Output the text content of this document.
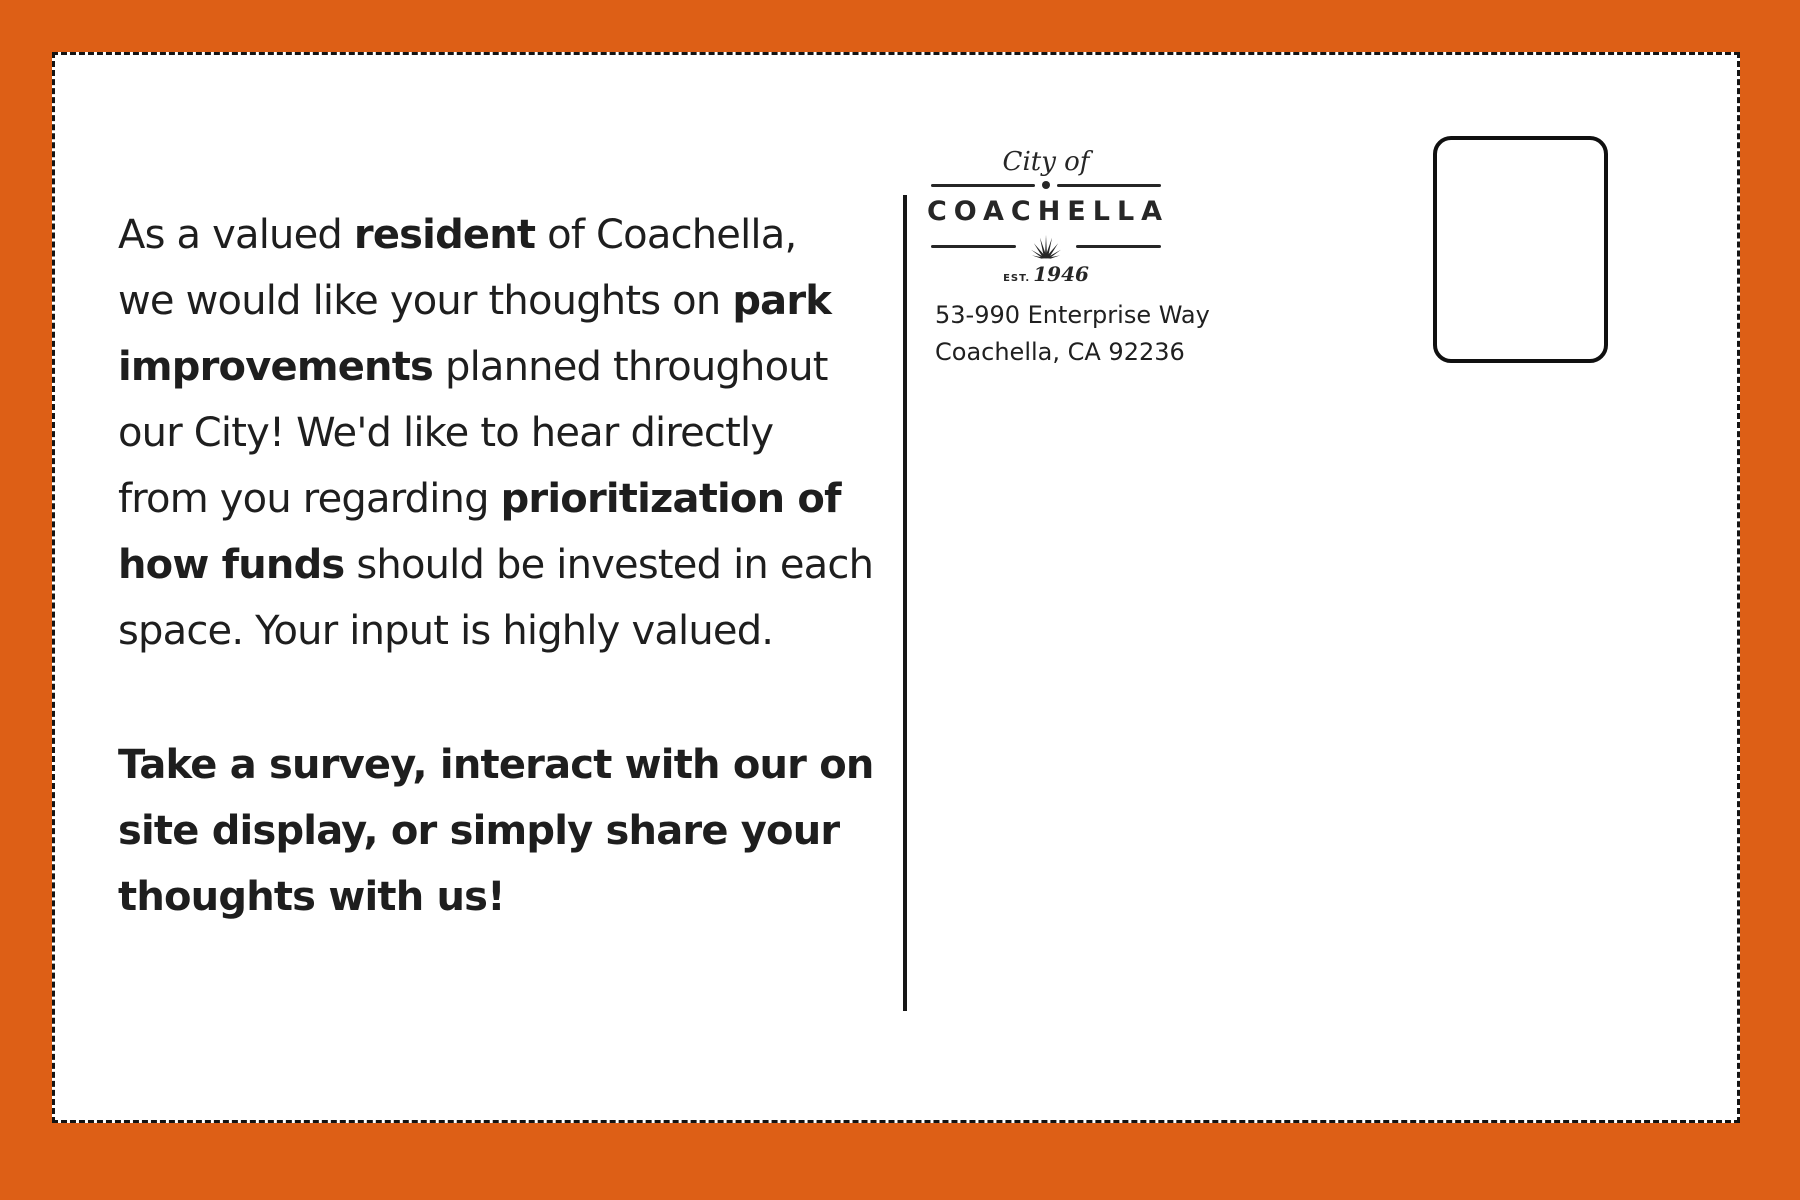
As a valued resident of Coachella,
we would like your thoughts on park
improvements planned throughout
our City! We'd like to hear directly
from you regarding prioritization of
how funds should be invested in each
space. Your input is highly valued.
Take a survey, interact with our on
site display, or simply share your
thoughts with us!
City of
COACHELLA
EST. 1946
53-990 Enterprise Way
Coachella, CA 92236
